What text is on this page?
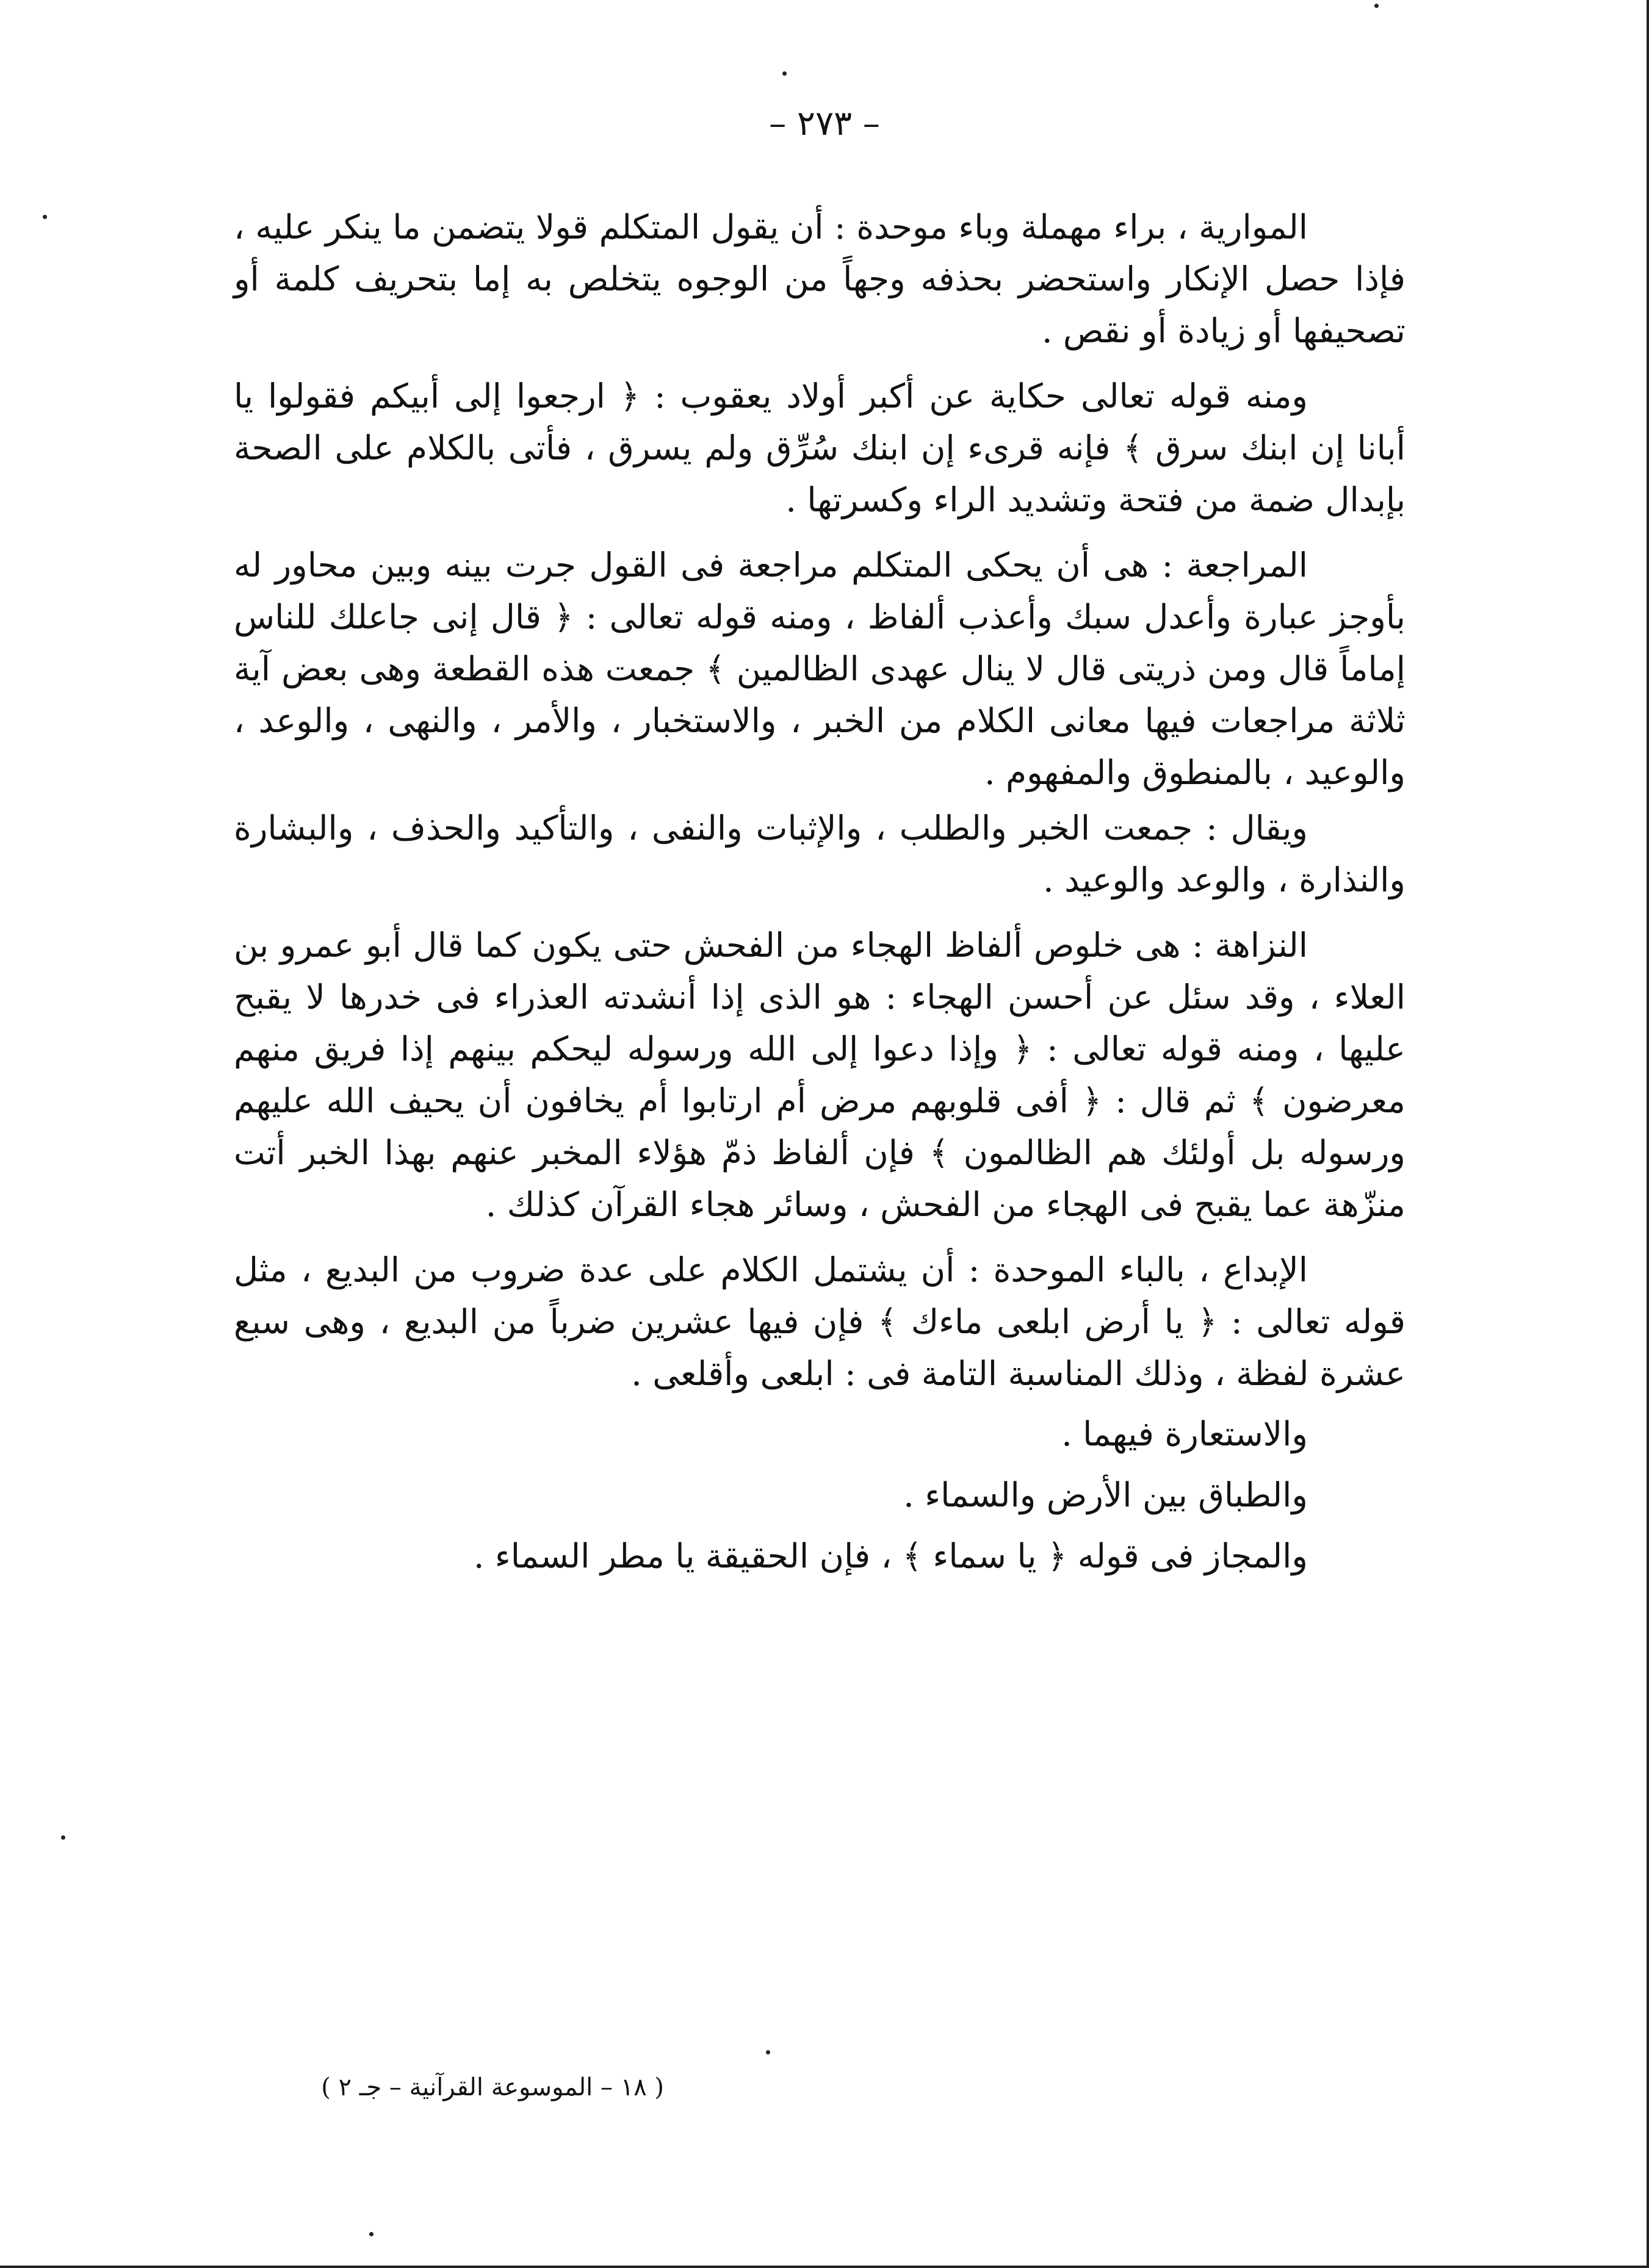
– ٢٧٣ –

الموارية ، براء مهملة وباء موحدة : أن يقول المتكلم قولا يتضمن ما ينكر عليه ، فإذا حصل الإنكار واستحضر بحذفه وجهاً من الوجوه يتخلص به إما بتحريف كلمة أو تصحيفها أو زيادة أو نقص .

ومنه قوله تعالى حكاية عن أكبر أولاد يعقوب : ﴿ ارجعوا إلى أبيكم فقولوا يا أبانا إن ابنك سرق ﴾ فإنه قرىء إن ابنك سُرِّق ولم يسرق ، فأتى بالكلام على الصحة بإبدال ضمة من فتحة وتشديد الراء وكسرتها .

المراجعة : هى أن يحكى المتكلم مراجعة فى القول جرت بينه وبين محاور له بأوجز عبارة وأعدل سبك وأعذب ألفاظ ، ومنه قوله تعالى : ﴿ قال إنى جاعلك للناس إماماً قال ومن ذريتى قال لا ينال عهدى الظالمين ﴾ جمعت هذه القطعة وهى بعض آية ثلاثة مراجعات فيها معانى الكلام من الخبر ، والاستخبار ، والأمر ، والنهى ، والوعد ، والوعيد ، بالمنطوق والمفهوم .

ويقال : جمعت الخبر والطلب ، والإثبات والنفى ، والتأكيد والحذف ، والبشارة والنذارة ، والوعد والوعيد .

النزاهة : هى خلوص ألفاظ الهجاء من الفحش حتى يكون كما قال أبو عمرو بن العلاء ، وقد سئل عن أحسن الهجاء : هو الذى إذا أنشدته العذراء فى خدرها لا يقبح عليها ، ومنه قوله تعالى : ﴿ وإذا دعوا إلى الله ورسوله ليحكم بينهم إذا فريق منهم معرضون ﴾ ثم قال : ﴿ أفى قلوبهم مرض أم ارتابوا أم يخافون أن يحيف الله عليهم ورسوله بل أولئك هم الظالمون ﴾ فإن ألفاظ ذمّ هؤلاء المخبر عنهم بهذا الخبر أتت منزّهة عما يقبح فى الهجاء من الفحش ، وسائر هجاء القرآن كذلك .

الإبداع ، بالباء الموحدة : أن يشتمل الكلام على عدة ضروب من البديع ، مثل قوله تعالى : ﴿ يا أرض ابلعى ماءك ﴾ فإن فيها عشرين ضرباً من البديع ، وهى سبع عشرة لفظة ، وذلك المناسبة التامة فى : ابلعى وأقلعى .

والاستعارة فيهما .

والطباق بين الأرض والسماء .

والمجاز فى قوله ﴿ يا سماء ﴾ ، فإن الحقيقة يا مطر السماء .

( ١٨ – الموسوعة القرآنية – جـ ٢ )
